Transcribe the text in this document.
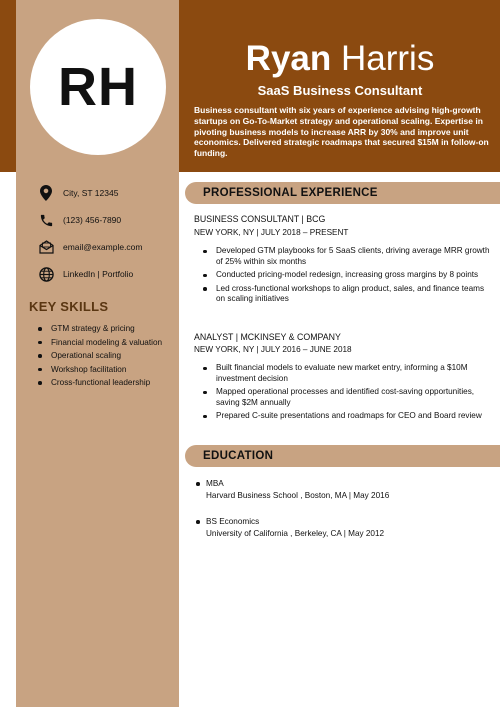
RH	Ryan Harris
SaaS Business Consultant
Business consultant with six years of experience advising high-growth startups on Go-To-Market strategy and operational scaling. Expertise in pivoting business models to increase ARR by 30% and improve unit economics. Delivered strategic roadmaps that secured $15M in follow-on funding.
City, ST 12345
(123) 456-7890
email@example.com
LinkedIn | Portfolio
KEY SKILLS
GTM strategy & pricing
Financial modeling & valuation
Operational scaling
Workshop facilitation
Cross-functional leadership
PROFESSIONAL EXPERIENCE
BUSINESS CONSULTANT | BCG
NEW YORK, NY | JULY 2018 – PRESENT
Developed GTM playbooks for 5 SaaS clients, driving average MRR growth of 25% within six months
Conducted pricing-model redesign, increasing gross margins by 8 points
Led cross-functional workshops to align product, sales, and finance teams on scaling initiatives
ANALYST | MCKINSEY & COMPANY
NEW YORK, NY | JULY 2016 – JUNE 2018
Built financial models to evaluate new market entry, informing a $10M investment decision
Mapped operational processes and identified cost-saving opportunities, saving $2M annually
Prepared C-suite presentations and roadmaps for CEO and Board review
EDUCATION
MBA
Harvard Business School , Boston, MA | May 2016
BS Economics
University of California , Berkeley, CA | May 2012
